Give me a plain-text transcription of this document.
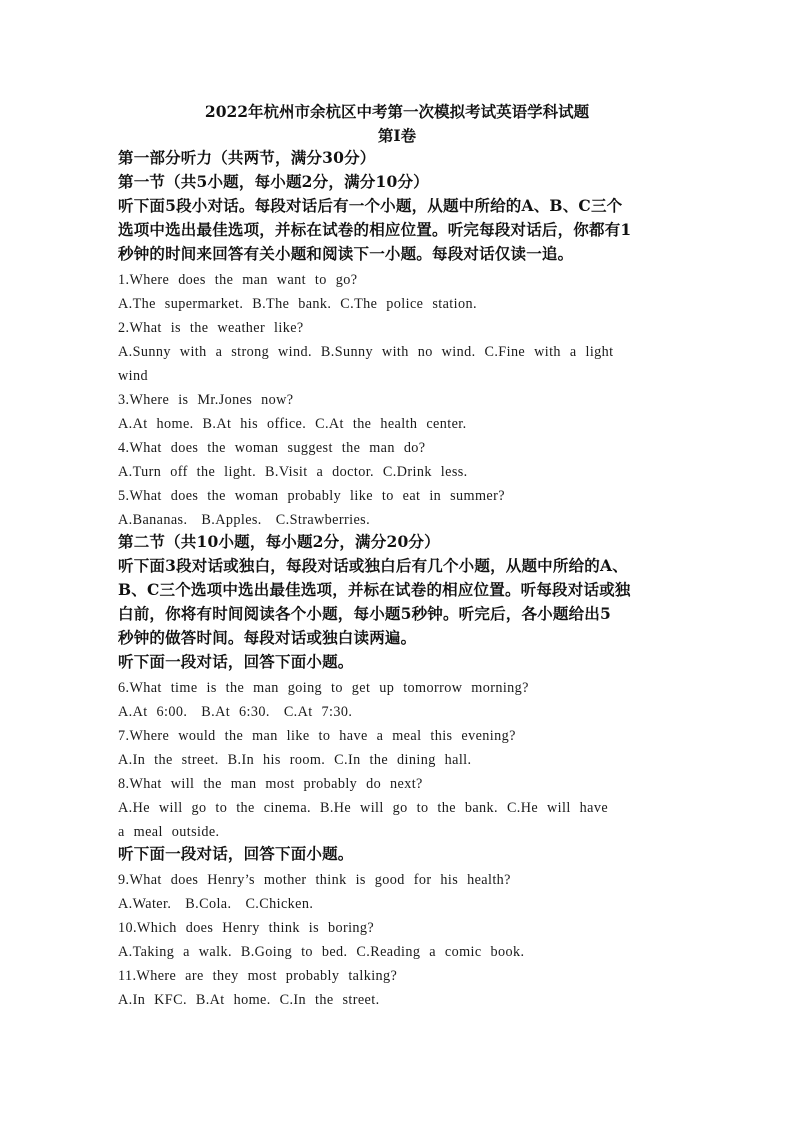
2022年杭州市余杭区中考第一次模拟考试英语学科试题
第I卷
第一部分听力（共两节，满分30分）
第一节（共5小题，每小题2分，满分10分）
听下面5段小对话。每段对话后有一个小题，从题中所给的A、B、C三个
选项中选出最佳选项，并标在试卷的相应位置。听完每段对话后，你都有1
秒钟的时间来回答有关小题和阅读下一小题。每段对话仅读一追。
1.Where does the man want to go?
A.The supermarket. B.The bank. C.The police station.
2.What is the weather like?
A.Sunny with a strong wind. B.Sunny with no wind. C.Fine with a light
wind
3.Where is Mr.Jones now?
A.At home. B.At his office. C.At the health center.
4.What does the woman suggest the man do?
A.Turn off the light. B.Visit a doctor. C.Drink less.
5.What does the woman probably like to eat in summer?
A.Bananas. B.Apples. C.Strawberries.
第二节（共10小题，每小题2分，满分20分）
听下面3段对话或独白，每段对话或独白后有几个小题，从题中所给的A、
B、C三个选项中选出最佳选项，并标在试卷的相应位置。听每段对话或独
白前，你将有时间阅读各个小题，每小题5秒钟。听完后，各小题给出5
秒钟的做答时间。每段对话或独白读两遍。
听下面一段对话，回答下面小题。
6.What time is the man going to get up tomorrow morning?
A.At 6:00. B.At 6:30. C.At 7:30.
7.Where would the man like to have a meal this evening?
A.In the street. B.In his room. C.In the dining hall.
8.What will the man most probably do next?
A.He will go to the cinema. B.He will go to the bank. C.He will have
a meal outside.
听下面一段对话，回答下面小题。
9.What does Henry’s mother think is good for his health?
A.Water. B.Cola. C.Chicken.
10.Which does Henry think is boring?
A.Taking a walk. B.Going to bed. C.Reading a comic book.
11.Where are they most probably talking?
A.In KFC. B.At home. C.In the street.
